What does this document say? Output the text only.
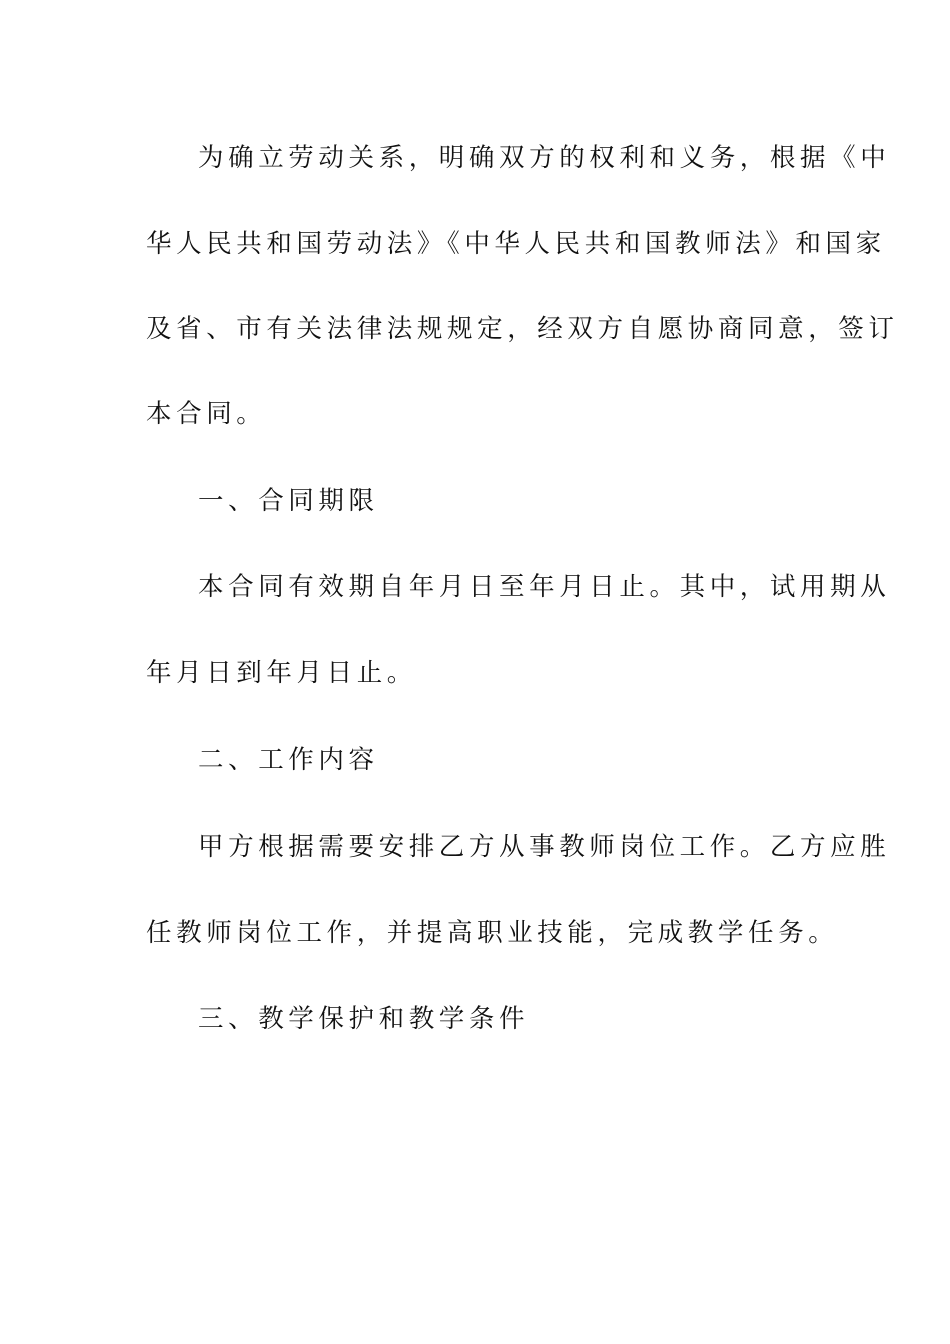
为确立劳动关系，明确双方的权利和义务，根据《中
华人民共和国劳动法》《中华人民共和国教师法》和国家
及省、市有关法律法规规定，经双方自愿协商同意，签订
本合同。
一、合同期限
本合同有效期自年月日至年月日止。其中，试用期从
年月日到年月日止。
二、工作内容
甲方根据需要安排乙方从事教师岗位工作。乙方应胜
任教师岗位工作，并提高职业技能，完成教学任务。
三、教学保护和教学条件
